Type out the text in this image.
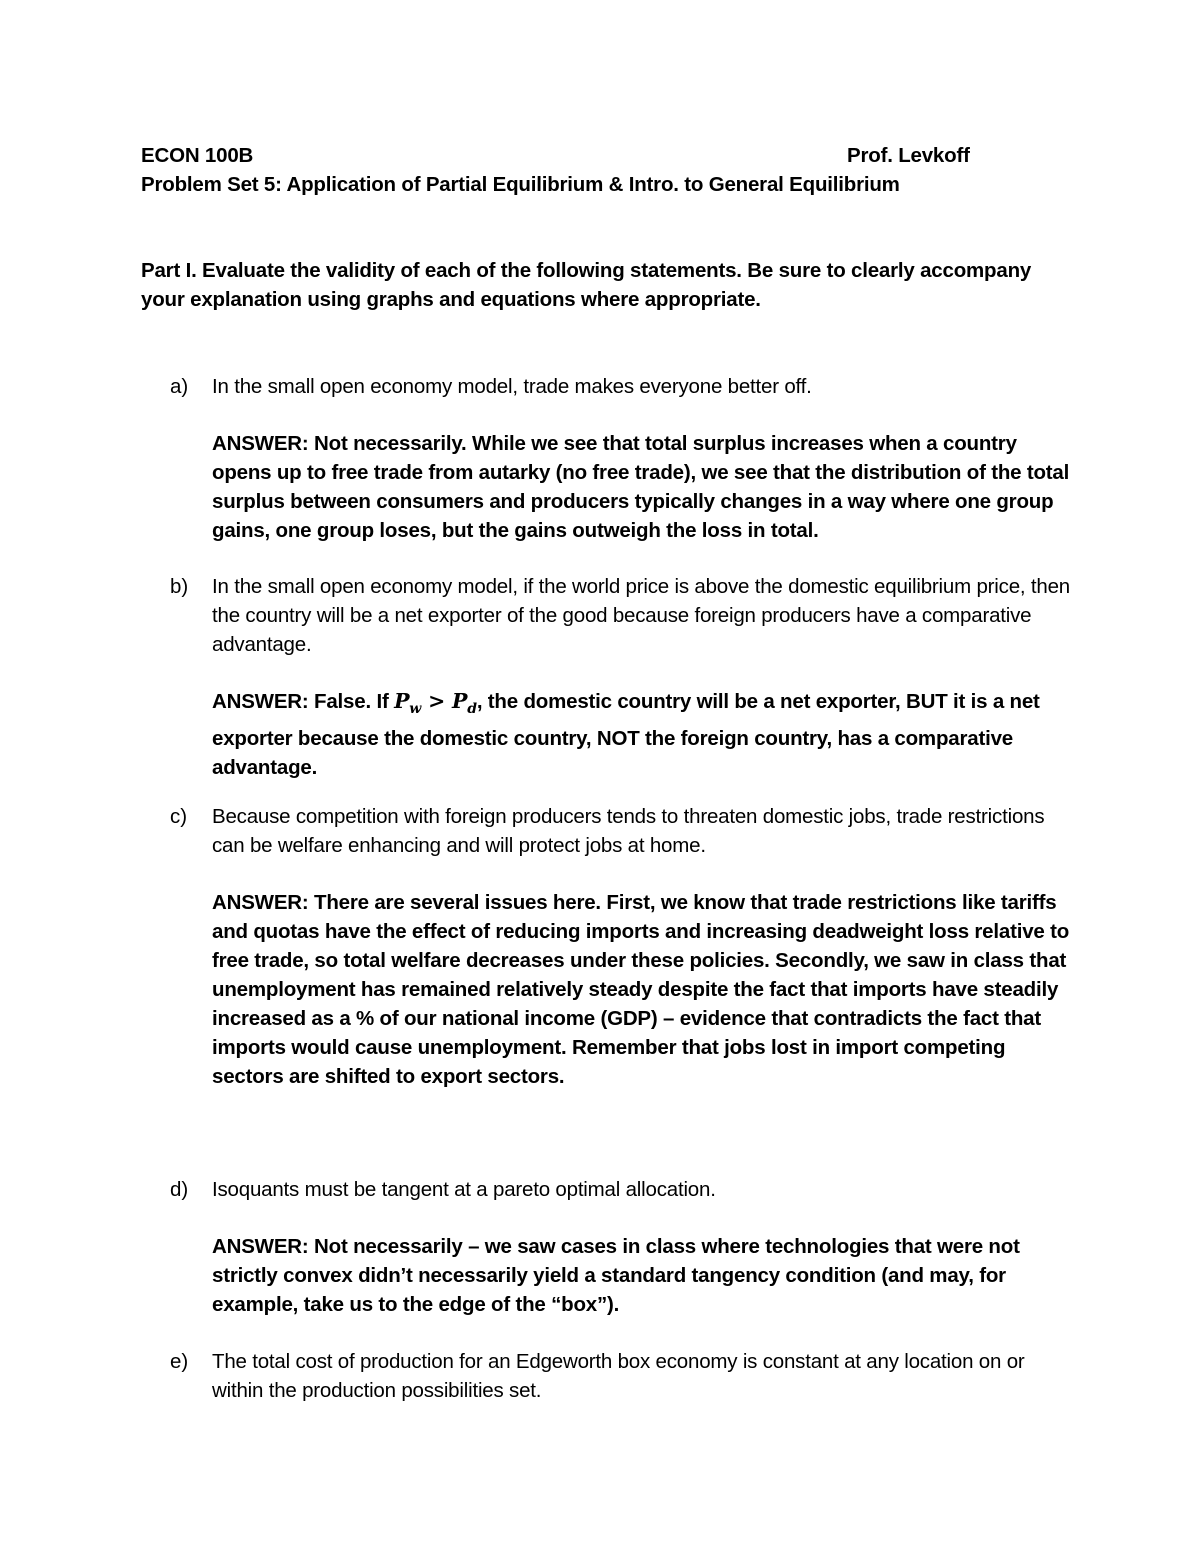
ECON 100B	Prof. Levkoff
Problem Set 5: Application of Partial Equilibrium & Intro. to General Equilibrium
Part I. Evaluate the validity of each of the following statements. Be sure to clearly accompany your explanation using graphs and equations where appropriate.
a) In the small open economy model, trade makes everyone better off.
ANSWER: Not necessarily. While we see that total surplus increases when a country opens up to free trade from autarky (no free trade), we see that the distribution of the total surplus between consumers and producers typically changes in a way where one group gains, one group loses, but the gains outweigh the loss in total.
b) In the small open economy model, if the world price is above the domestic equilibrium price, then the country will be a net exporter of the good because foreign producers have a comparative advantage.
ANSWER: False. If $P_w > P_d$, the domestic country will be a net exporter, BUT it is a net exporter because the domestic country, NOT the foreign country, has a comparative advantage.
c) Because competition with foreign producers tends to threaten domestic jobs, trade restrictions can be welfare enhancing and will protect jobs at home.
ANSWER: There are several issues here. First, we know that trade restrictions like tariffs and quotas have the effect of reducing imports and increasing deadweight loss relative to free trade, so total welfare decreases under these policies. Secondly, we saw in class that unemployment has remained relatively steady despite the fact that imports have steadily increased as a % of our national income (GDP) – evidence that contradicts the fact that imports would cause unemployment. Remember that jobs lost in import competing sectors are shifted to export sectors.
d) Isoquants must be tangent at a pareto optimal allocation.
ANSWER: Not necessarily – we saw cases in class where technologies that were not strictly convex didn’t necessarily yield a standard tangency condition (and may, for example, take us to the edge of the “box”).
e) The total cost of production for an Edgeworth box economy is constant at any location on or within the production possibilities set.
